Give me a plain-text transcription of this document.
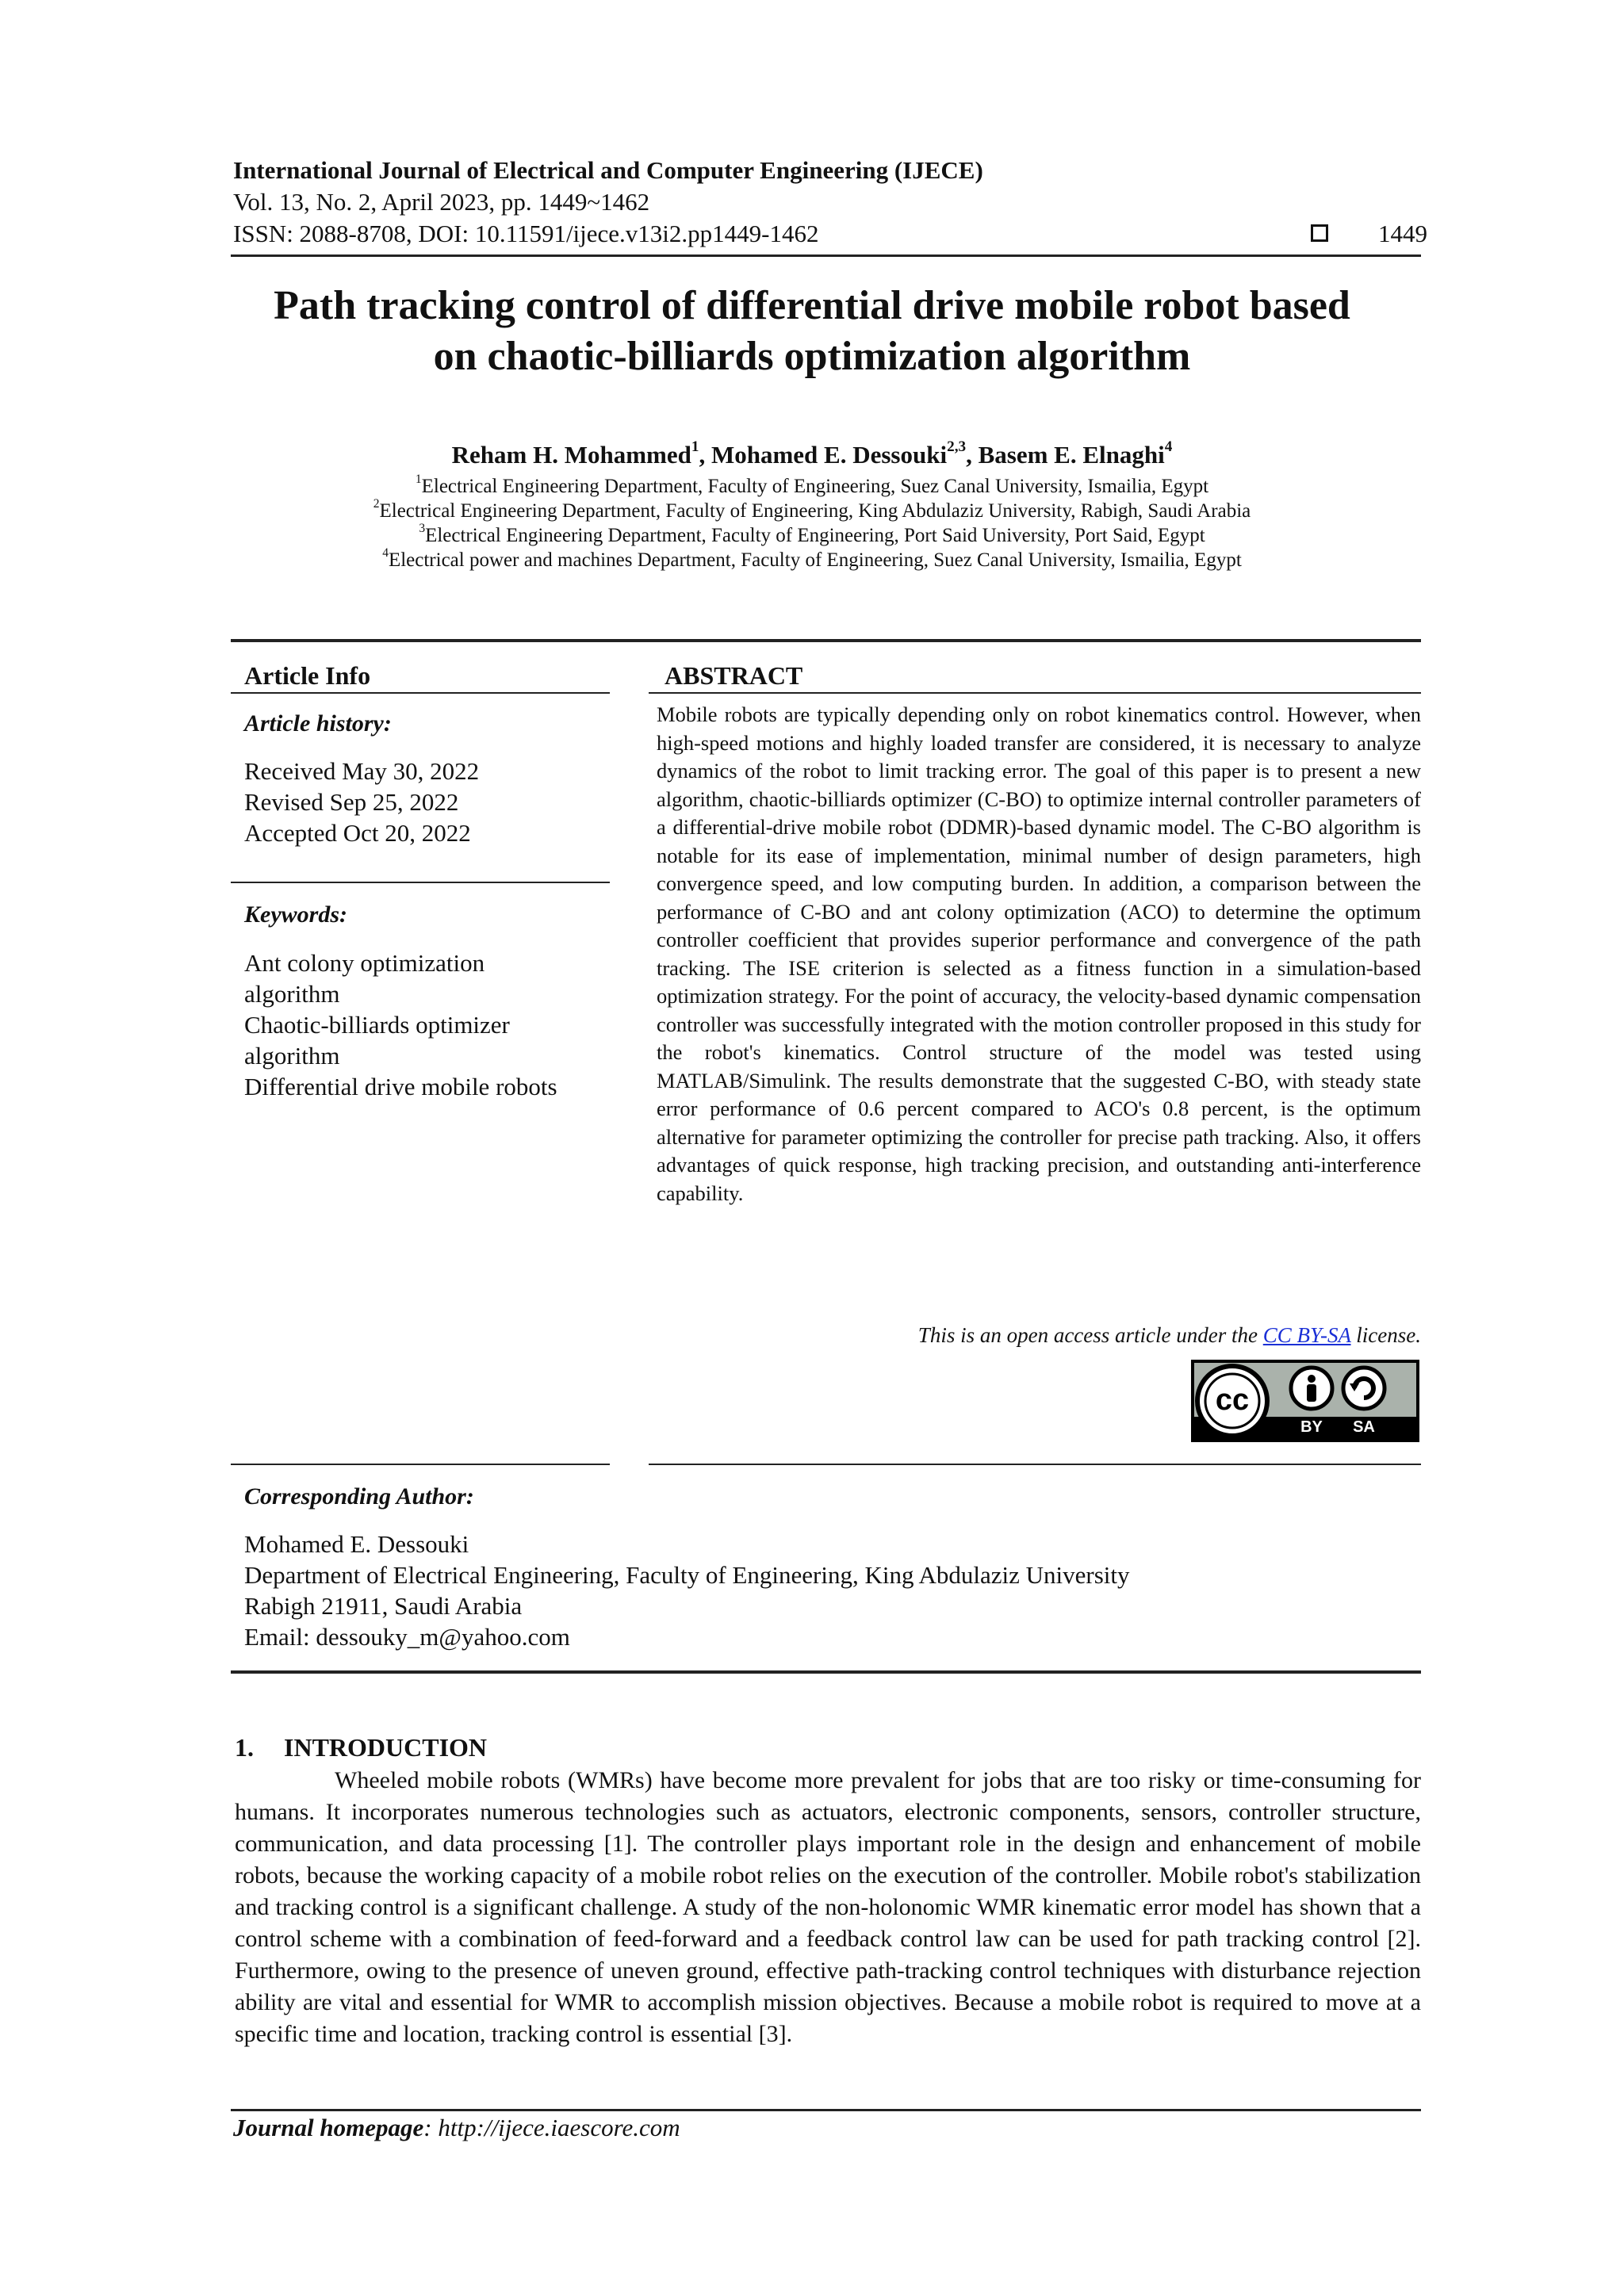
International Journal of Electrical and Computer Engineering (IJECE)
Vol. 13, No. 2, April 2023, pp. 1449~1462
ISSN: 2088-8708, DOI: 10.11591/ijece.v13i2.pp1449-1462	1449
Path tracking control of differential drive mobile robot based
on chaotic-billiards optimization algorithm
Reham H. Mohammed$^1$, Mohamed E. Dessouki$^{2,3}$, Basem E. Elnaghi$^4$
$^1$Electrical Engineering Department, Faculty of Engineering, Suez Canal University, Ismailia, Egypt
$^2$Electrical Engineering Department, Faculty of Engineering, King Abdulaziz University, Rabigh, Saudi Arabia
$^3$Electrical Engineering Department, Faculty of Engineering, Port Said University, Port Said, Egypt
$^4$Electrical power and machines Department, Faculty of Engineering, Suez Canal University, Ismailia, Egypt
Article Info
Article history:
Received May 30, 2022
Revised Sep 25, 2022
Accepted Oct 20, 2022
Keywords:
Ant colony optimization
algorithm
Chaotic-billiards optimizer
algorithm
Differential drive mobile robots
ABSTRACT
Mobile robots are typically depending only on robot kinematics control. However, when high-speed motions and highly loaded transfer are considered, it is necessary to analyze dynamics of the robot to limit tracking error. The goal of this paper is to present a new algorithm, chaotic-billiards optimizer (C-BO) to optimize internal controller parameters of a differential-drive mobile robot (DDMR)-based dynamic model. The C-BO algorithm is notable for its ease of implementation, minimal number of design parameters, high convergence speed, and low computing burden. In addition, a comparison between the performance of C-BO and ant colony optimization (ACO) to determine the optimum controller coefficient that provides superior performance and convergence of the path tracking. The ISE criterion is selected as a fitness function in a simulation-based optimization strategy. For the point of accuracy, the velocity-based dynamic compensation controller was successfully integrated with the motion controller proposed in this study for the robot's kinematics. Control structure of the model was tested using MATLAB/Simulink. The results demonstrate that the suggested C-BO, with steady state error performance of 0.6 percent compared to ACO's 0.8 percent, is the optimum alternative for parameter optimizing the controller for precise path tracking. Also, it offers advantages of quick response, high tracking precision, and outstanding anti-interference capability.
This is an open access article under the CC BY-SA license.
cc
BY	SA
Corresponding Author:
Mohamed E. Dessouki
Department of Electrical Engineering, Faculty of Engineering, King Abdulaziz University
Rabigh 21911, Saudi Arabia
Email: dessouky_m@yahoo.com
1. INTRODUCTION
Wheeled mobile robots (WMRs) have become more prevalent for jobs that are too risky or time-consuming for humans. It incorporates numerous technologies such as actuators, electronic components, sensors, controller structure, communication, and data processing [1]. The controller plays important role in the design and enhancement of mobile robots, because the working capacity of a mobile robot relies on the execution of the controller. Mobile robot's stabilization and tracking control is a significant challenge. A study of the non-holonomic WMR kinematic error model has shown that a control scheme with a combination of feed-forward and a feedback control law can be used for path tracking control [2]. Furthermore, owing to the presence of uneven ground, effective path-tracking control techniques with disturbance rejection ability are vital and essential for WMR to accomplish mission objectives. Because a mobile robot is required to move at a specific time and location, tracking control is essential [3].
Journal homepage: http://ijece.iaescore.com
